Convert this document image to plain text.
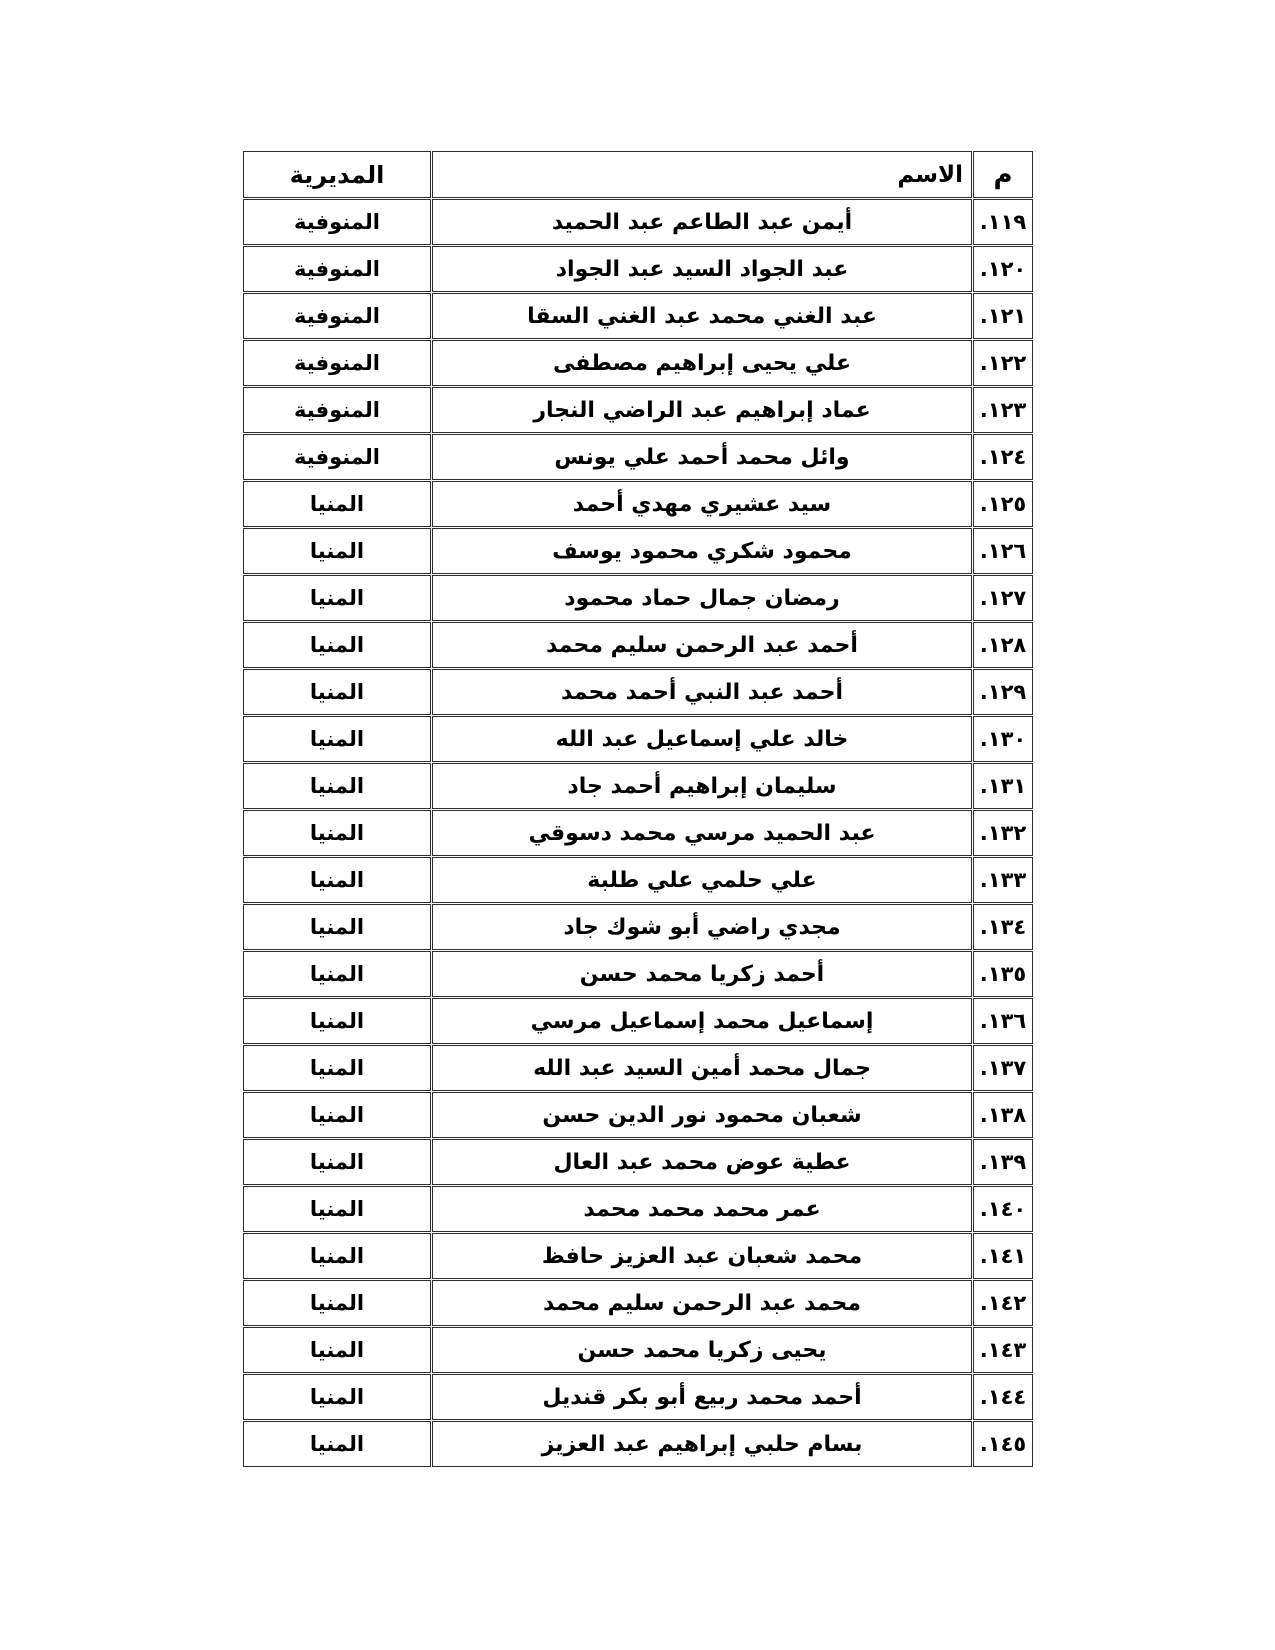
م	الاسم	المديرية
١١٩.	أيمن عبد الطاعم عبد الحميد	المنوفية
١٢٠.	عبد الجواد السيد عبد الجواد	المنوفية
١٢١.	عبد الغني محمد عبد الغني السقا	المنوفية
١٢٢.	علي يحيى إبراهيم مصطفى	المنوفية
١٢٣.	عماد إبراهيم عبد الراضي النجار	المنوفية
١٢٤.	وائل محمد أحمد علي يونس	المنوفية
١٢٥.	سيد عشيري مهدي أحمد	المنيا
١٢٦.	محمود شكري محمود يوسف	المنيا
١٢٧.	رمضان جمال حماد محمود	المنيا
١٢٨.	أحمد عبد الرحمن سليم محمد	المنيا
١٢٩.	أحمد عبد النبي أحمد محمد	المنيا
١٣٠.	خالد علي إسماعيل عبد الله	المنيا
١٣١.	سليمان إبراهيم أحمد جاد	المنيا
١٣٢.	عبد الحميد مرسي محمد دسوقي	المنيا
١٣٣.	علي حلمي علي طلبة	المنيا
١٣٤.	مجدي راضي أبو شوك جاد	المنيا
١٣٥.	أحمد زكريا محمد حسن	المنيا
١٣٦.	إسماعيل محمد إسماعيل مرسي	المنيا
١٣٧.	جمال محمد أمين السيد عبد الله	المنيا
١٣٨.	شعبان محمود نور الدين حسن	المنيا
١٣٩.	عطية عوض محمد عبد العال	المنيا
١٤٠.	عمر محمد محمد محمد	المنيا
١٤١.	محمد شعبان عبد العزيز حافظ	المنيا
١٤٢.	محمد عبد الرحمن سليم محمد	المنيا
١٤٣.	يحيى زكريا محمد حسن	المنيا
١٤٤.	أحمد محمد ربيع أبو بكر قنديل	المنيا
١٤٥.	بسام حلبي إبراهيم عبد العزيز	المنيا
